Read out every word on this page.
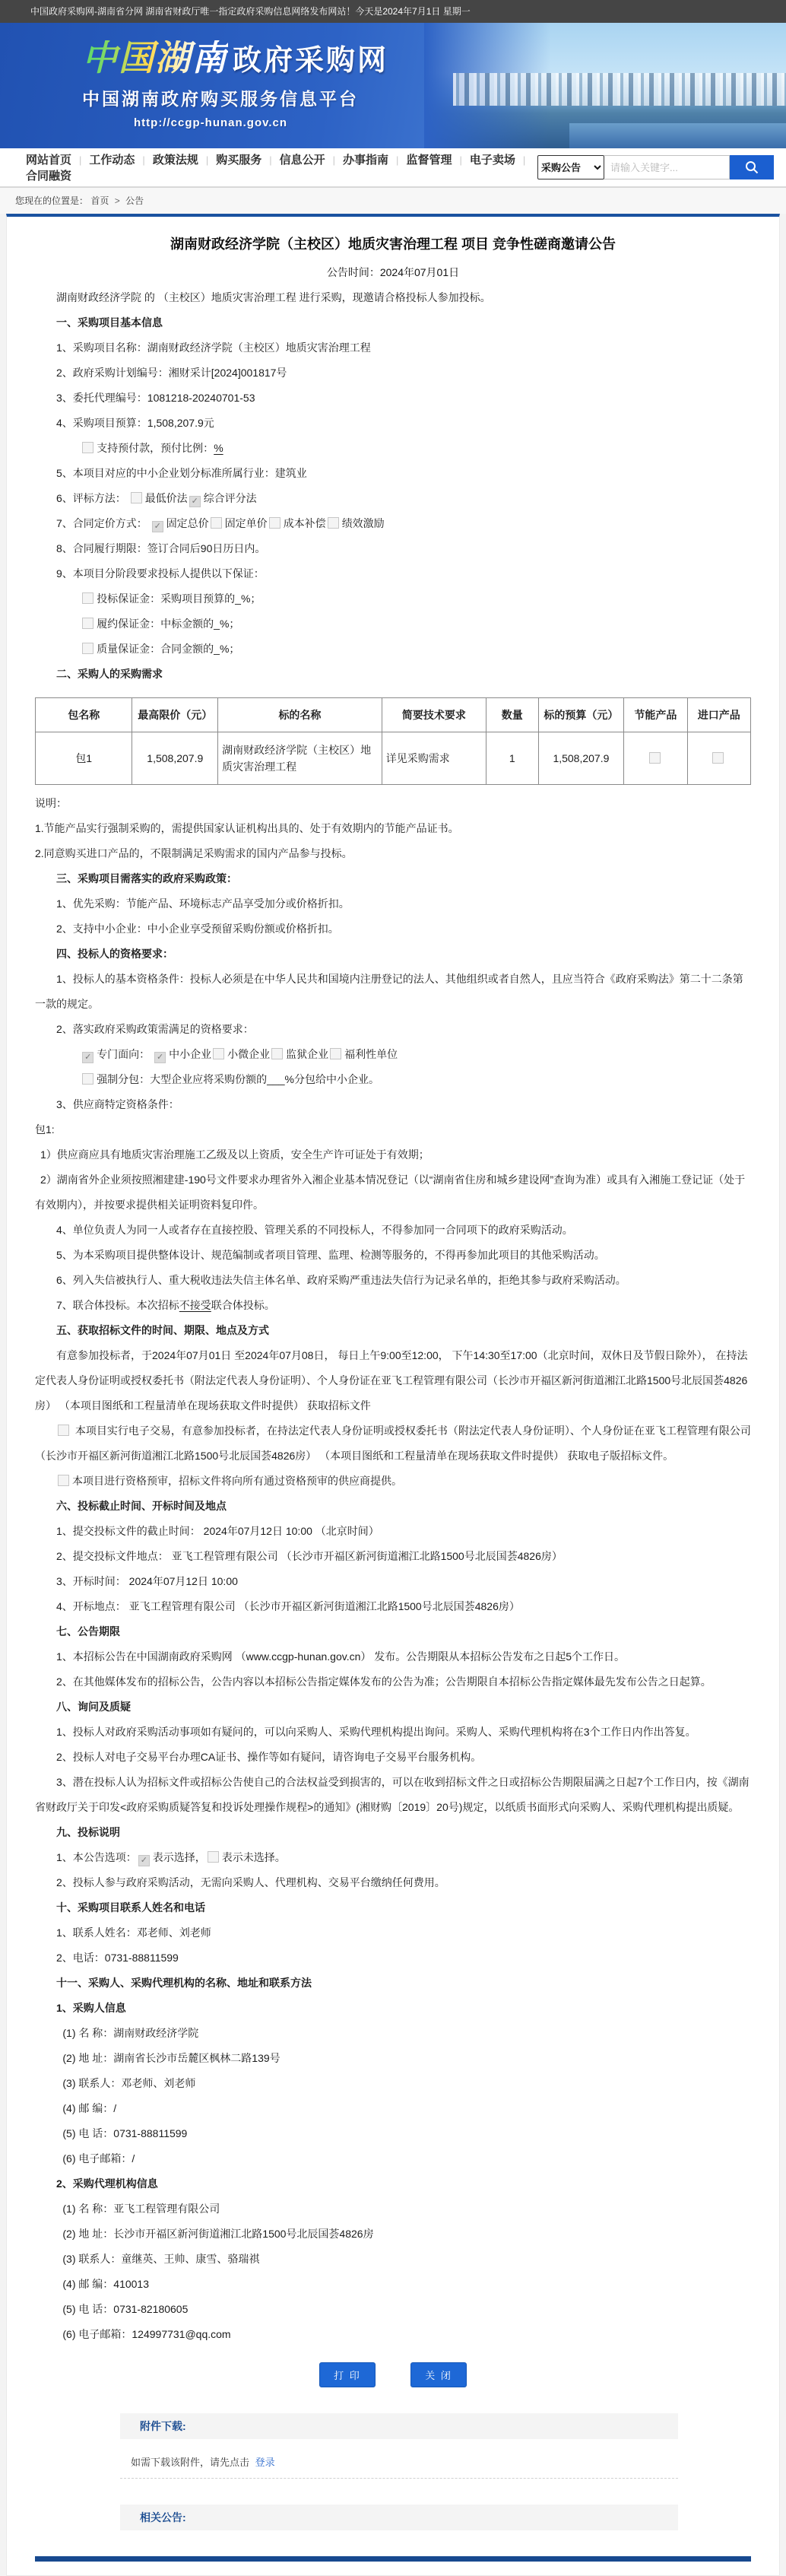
中国政府采购网-湖南省分网 湖南省财政厅唯一指定政府采购信息网络发布网站！今天是2024年7月1日 星期一
中国湖南 政府采购网
中国湖南政府购买服务信息平台
http://ccgp-hunan.gov.cn
网站首页 | 工作动态 | 政策法规 | 购买服务 | 信息公开 | 办事指南 | 监督管理 | 电子卖场 |合同融资
采购公告
请输入关键字...
您现在的位置是： 首页 > 公告
湖南财政经济学院（主校区）地质灾害治理工程 项目 竞争性磋商邀请公告
公告时间：2024年07月01日

湖南财政经济学院 的 （主校区）地质灾害治理工程 进行采购，现邀请合格投标人参加投标。

一、采购项目基本信息

1、采购项目名称：湖南财政经济学院（主校区）地质灾害治理工程

2、政府采购计划编号：湘财采计[2024]001817号

3、委托代理编号：1081218-20240701-53

4、采购项目预算：1,508,207.9元

支持预付款，预付比例：%

5、本项目对应的中小企业划分标准所属行业：建筑业

6、评标方法： 最低价法 ✓ 综合评分法

7、合同定价方式： ✓ 固定总价 固定单价 成本补偿 绩效激励

8、合同履行期限：签订合同后90日历日内。

9、本项目分阶段要求投标人提供以下保证：

投标保证金：采购项目预算的_%；

履约保证金：中标金额的_%；

质量保证金：合同金额的_%；

二、采购人的采购需求

包名称	最高限价（元）	标的名称	简要技术要求	数量	标的预算（元）	节能产品	进口产品
包1	1,508,207.9	湖南财政经济学院（主校区）地质灾害治理工程	详见采购需求	1	1,508,207.9		

说明：

1.节能产品实行强制采购的，需提供国家认证机构出具的、处于有效期内的节能产品证书。

2.同意购买进口产品的，不限制满足采购需求的国内产品参与投标。

三、采购项目需落实的政府采购政策：

1、优先采购：节能产品、环境标志产品享受加分或价格折扣。

2、支持中小企业：中小企业享受预留采购份额或价格折扣。

四、投标人的资格要求：

1、投标人的基本资格条件：投标人必须是在中华人民共和国境内注册登记的法人、其他组织或者自然人，且应当符合《政府采购法》第二十二条第一款的规定。

2、落实政府采购政策需满足的资格要求：

✓ 专门面向： ✓ 中小企业 小微企业 监狱企业 福利性单位

强制分包：大型企业应将采购份额的___%分包给中小企业。

3、供应商特定资格条件：

包1:

1）供应商应具有地质灾害治理施工乙级及以上资质，安全生产许可证处于有效期；

2）湖南省外企业须按照湘建建-190号文件要求办理省外入湘企业基本情况登记（以“湖南省住房和城乡建设网”查询为准）或具有入湘施工登记证（处于有效期内），并按要求提供相关证明资料复印件。

4、单位负责人为同一人或者存在直接控股、管理关系的不同投标人，不得参加同一合同项下的政府采购活动。

5、为本采购项目提供整体设计、规范编制或者项目管理、监理、检测等服务的，不得再参加此项目的其他采购活动。

6、列入失信被执行人、重大税收违法失信主体名单、政府采购严重违法失信行为记录名单的，拒绝其参与政府采购活动。

7、联合体投标。本次招标不接受联合体投标。

五、获取招标文件的时间、期限、地点及方式

有意参加投标者，于2024年07月01日 至2024年07月08日， 每日上午9:00至12:00， 下午14:30至17:00（北京时间，双休日及节假日除外）， 在持法定代表人身份证明或授权委托书（附法定代表人身份证明）、个人身份证在亚飞工程管理有限公司（长沙市开福区新河街道湘江北路1500号北辰国荟4826房） （本项目图纸和工程量清单在现场获取文件时提供） 获取招标文件

本项目实行电子交易，有意参加投标者，在持法定代表人身份证明或授权委托书（附法定代表人身份证明）、个人身份证在亚飞工程管理有限公司（长沙市开福区新河街道湘江北路1500号北辰国荟4826房） （本项目图纸和工程量清单在现场获取文件时提供） 获取电子版招标文件。

本项目进行资格预审，招标文件将向所有通过资格预审的供应商提供。

六、投标截止时间、开标时间及地点

1、提交投标文件的截止时间： 2024年07月12日 10:00 （北京时间）

2、提交投标文件地点： 亚飞工程管理有限公司 （长沙市开福区新河街道湘江北路1500号北辰国荟4826房）

3、开标时间： 2024年07月12日 10:00

4、开标地点： 亚飞工程管理有限公司 （长沙市开福区新河街道湘江北路1500号北辰国荟4826房）

七、公告期限

1、本招标公告在中国湖南政府采购网 （www.ccgp-hunan.gov.cn） 发布。公告期限从本招标公告发布之日起5个工作日。

2、在其他媒体发布的招标公告，公告内容以本招标公告指定媒体发布的公告为准；公告期限自本招标公告指定媒体最先发布公告之日起算。

八、询问及质疑

1、投标人对政府采购活动事项如有疑问的，可以向采购人、采购代理机构提出询问。采购人、采购代理机构将在3个工作日内作出答复。

2、投标人对电子交易平台办理CA证书、操作等如有疑问，请咨询电子交易平台服务机构。

3、潜在投标人认为招标文件或招标公告使自己的合法权益受到损害的，可以在收到招标文件之日或招标公告期限届满之日起7个工作日内，按《湖南省财政厅关于印发<政府采购质疑答复和投诉处理操作规程>的通知》(湘财购〔2019〕20号)规定，以纸质书面形式向采购人、采购代理机构提出质疑。

九、投标说明

1、本公告选项： ✓ 表示选择， 表示未选择。

2、投标人参与政府采购活动，无需向采购人、代理机构、交易平台缴纳任何费用。

十、采购项目联系人姓名和电话

1、联系人姓名：邓老师、刘老师

2、电话：0731-88811599

十一、采购人、采购代理机构的名称、地址和联系方法

1、采购人信息

(1) 名 称：湖南财政经济学院

(2) 地 址：湖南省长沙市岳麓区枫林二路139号

(3) 联系人：邓老师、刘老师

(4) 邮 编：/

(5) 电 话：0731-88811599

(6) 电子邮箱：/

2、采购代理机构信息

(1) 名 称：亚飞工程管理有限公司

(2) 地 址：长沙市开福区新河街道湘江北路1500号北辰国荟4826房

(3) 联系人：童继英、王帅、康雪、骆瑞祺

(4) 邮 编：410013

(5) 电 话：0731-82180605

(6) 电子邮箱：124997731@qq.com

打 印	关 闭
附件下载:
如需下载该附件，请先点击 登录
相关公告:
